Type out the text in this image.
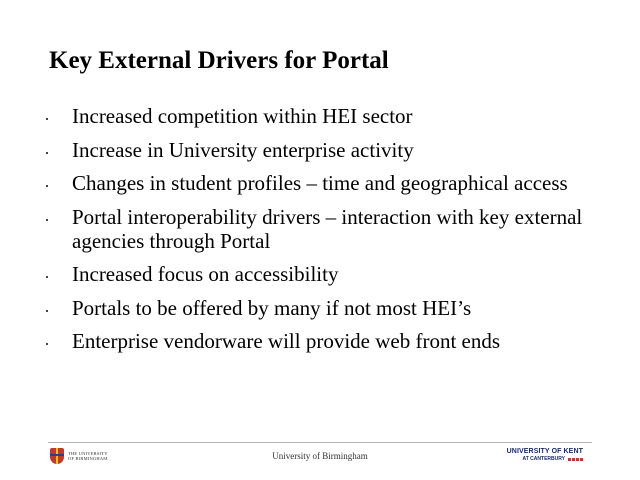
Key External Drivers for Portal
Increased competition within HEI sector
Increase in University enterprise activity
Changes in student profiles – time and geographical access
Portal interoperability drivers – interaction with key external agencies through Portal
Increased focus on accessibility
Portals to be offered by many if not most HEI’s
Enterprise vendorware will provide web front ends
THE UNIVERSITY
OF BIRMINGHAM	University of Birmingham	UNIVERSITY OF KENT
AT CANTERBURY
